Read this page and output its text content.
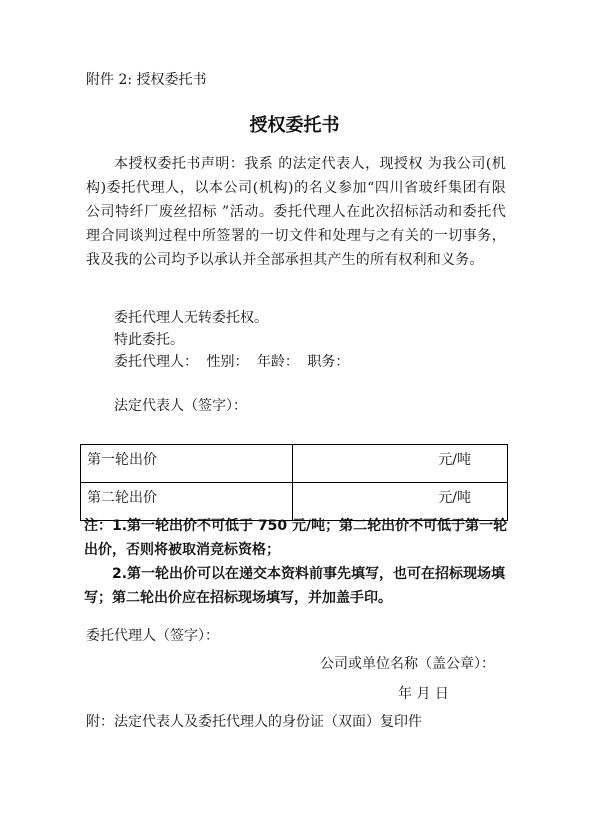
附件 2: 授权委托书
授权委托书
本授权委托书声明：我系 的法定代表人，现授权 为我公司(机构)委托代理人，以本公司(机构)的名义参加“四川省玻纤集团有限公司特纤厂废丝招标 ”活动。委托代理人在此次招标活动和委托代理合同谈判过程中所签署的一切文件和处理与之有关的一切事务，我及我的公司均予以承认并全部承担其产生的所有权利和义务。
委托代理人无转委托权。
特此委托。
委托代理人： 性别： 年龄： 职务：
法定代表人（签字）：
第一轮出价	元/吨
第二轮出价	元/吨
注：1.第一轮出价不可低于 750 元/吨；第二轮出价不可低于第一轮出价，否则将被取消竞标资格；
2.第一轮出价可以在递交本资料前事先填写，也可在招标现场填写；第二轮出价应在招标现场填写，并加盖手印。
委托代理人（签字）：
公司或单位名称（盖公章）：
年 月 日
附：法定代表人及委托代理人的身份证（双面）复印件
